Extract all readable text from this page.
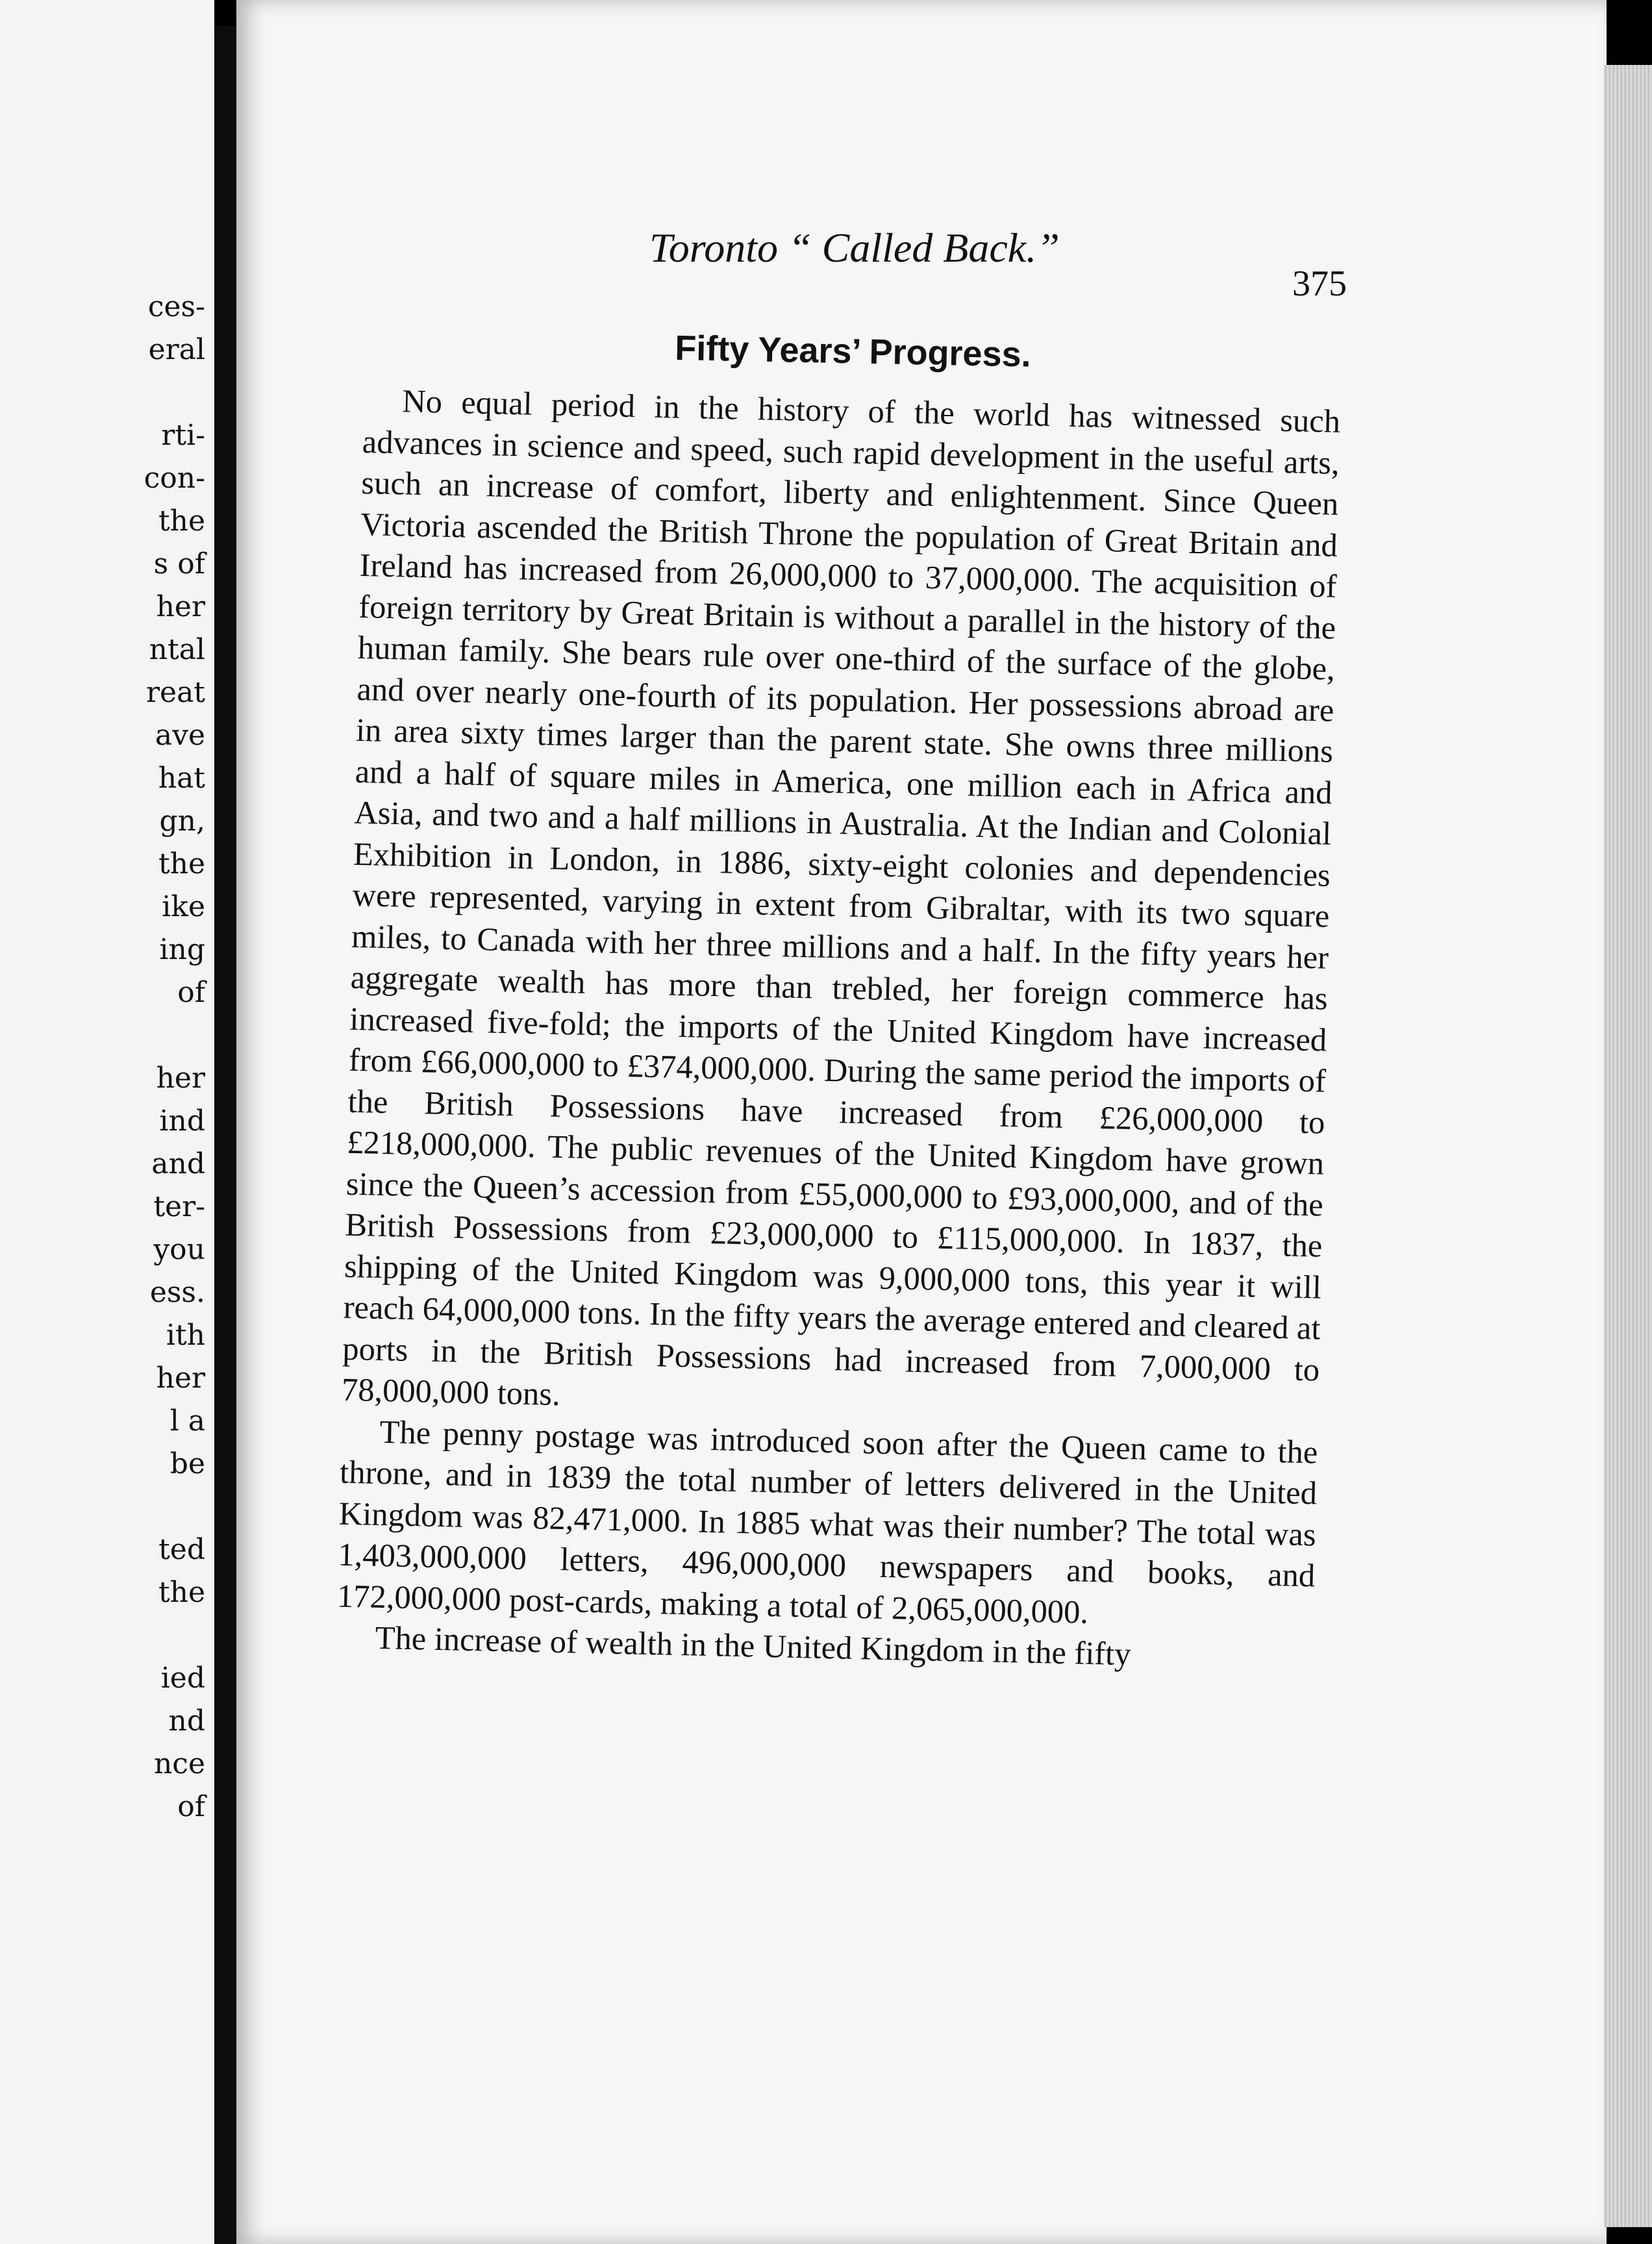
ces-
eral
rti-
con-
the
s of
her
ntal
reat
ave
hat
gn,
the
ike
ing
of
her
ind
and
ter-
you
ess.
ith
her
l a
be
ted
the
ied
nd
nce
of
Toronto “ Called Back.”
375
Fifty Years’ Progress.

No equal period in the history of the world has witnessed such advances in science and speed, such rapid development in the useful arts, such an increase of comfort, liberty and enlightenment. Since Queen Victoria ascended the British Throne the population of Great Britain and Ireland has increased from 26,000,000 to 37,000,000. The acquisition of foreign territory by Great Britain is without a parallel in the history of the human family. She bears rule over one-third of the surface of the globe, and over nearly one-fourth of its population. Her possessions abroad are in area sixty times larger than the parent state. She owns three millions and a half of square miles in America, one million each in Africa and Asia, and two and a half millions in Australia. At the Indian and Colonial Exhibition in London, in 1886, sixty-eight colonies and dependencies were represented, varying in extent from Gibraltar, with its two square miles, to Canada with her three millions and a half. In the fifty years her aggregate wealth has more than trebled, her foreign commerce has increased five-fold; the imports of the United Kingdom have increased from £66,000,000 to £374,000,000. During the same period the imports of the British Possessions have increased from £26,000,000 to £218,000,000. The public revenues of the United Kingdom have grown since the Queen’s accession from £55,000,000 to £93,000,000, and of the British Possessions from £23,000,000 to £115,000,000. In 1837, the shipping of the United Kingdom was 9,000,000 tons, this year it will reach 64,000,000 tons. In the fifty years the average entered and cleared at ports in the British Possessions had increased from 7,000,000 to 78,000,000 tons.

The penny postage was introduced soon after the Queen came to the throne, and in 1839 the total number of letters delivered in the United Kingdom was 82,471,000. In 1885 what was their number? The total was 1,403,000,000 letters, 496,000,000 newspapers and books, and 172,000,000 post-cards, making a total of 2,065,000,000.

The increase of wealth in the United Kingdom in the fifty
